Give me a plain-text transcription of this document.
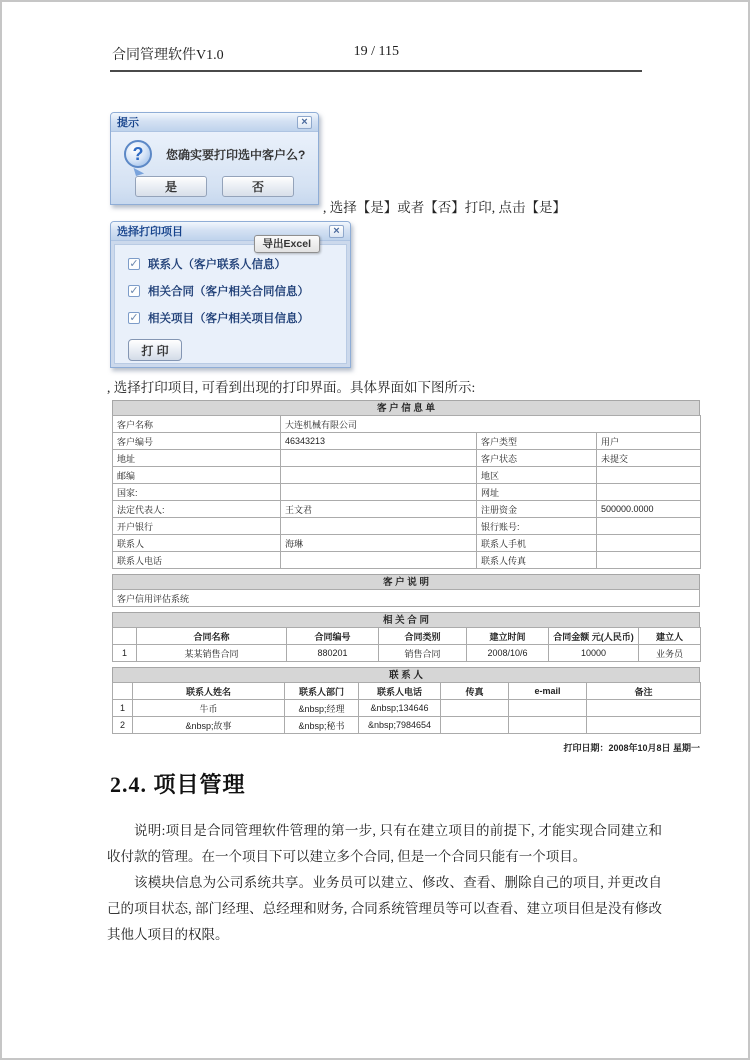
合同管理软件V1.0	19 / 115
提示	×
?	您确实要打印选中客户么?
是	否
, 选择【是】或者【否】打印, 点击【是】
选择打印项目	×
导出Excel
✓ 联系人（客户联系人信息）
✓ 相关合同（客户相关合同信息）
✓ 相关项目（客户相关项目信息）
打 印
, 选择打印项目, 可看到出现的打印界面。具体界面如下图所示:
客 户 信 息 单
客户名称	大连机械有限公司		
客户编号	46343213	客户类型	用户
地址		客户状态	未提交
邮编		地区	
国家:		网址	
法定代表人:	王文君	注册资金	500000.0000
开户银行		银行账号:	
联系人	海琳	联系人手机	
联系人电话		联系人传真	
客 户 说 明
客户信用评估系统
相 关 合 同
	合同名称	合同编号	合同类别	建立时间	合同金额 元(人民币)	建立人
1	某某销售合同	880201	销售合同	2008/10/6	10000	业务员
联 系 人
	联系人姓名	联系人部门	联系人电话	传真	e-mail	备注
1	牛币	&nbsp;经理	&nbsp;134646			
2	&nbsp;故事	&nbsp;秘书	&nbsp;7984654			
打印日期：2008年10月8日 星期一
2.4. 项目管理

说明:项目是合同管理软件管理的第一步, 只有在建立项目的前提下, 才能实现合同建立和收付款的管理。在一个项目下可以建立多个合同, 但是一个合同只能有一个项目。

该模块信息为公司系统共享。业务员可以建立、修改、查看、删除自己的项目, 并更改自己的项目状态, 部门经理、总经理和财务, 合同系统管理员等可以查看、建立项目但是没有修改其他人项目的权限。
